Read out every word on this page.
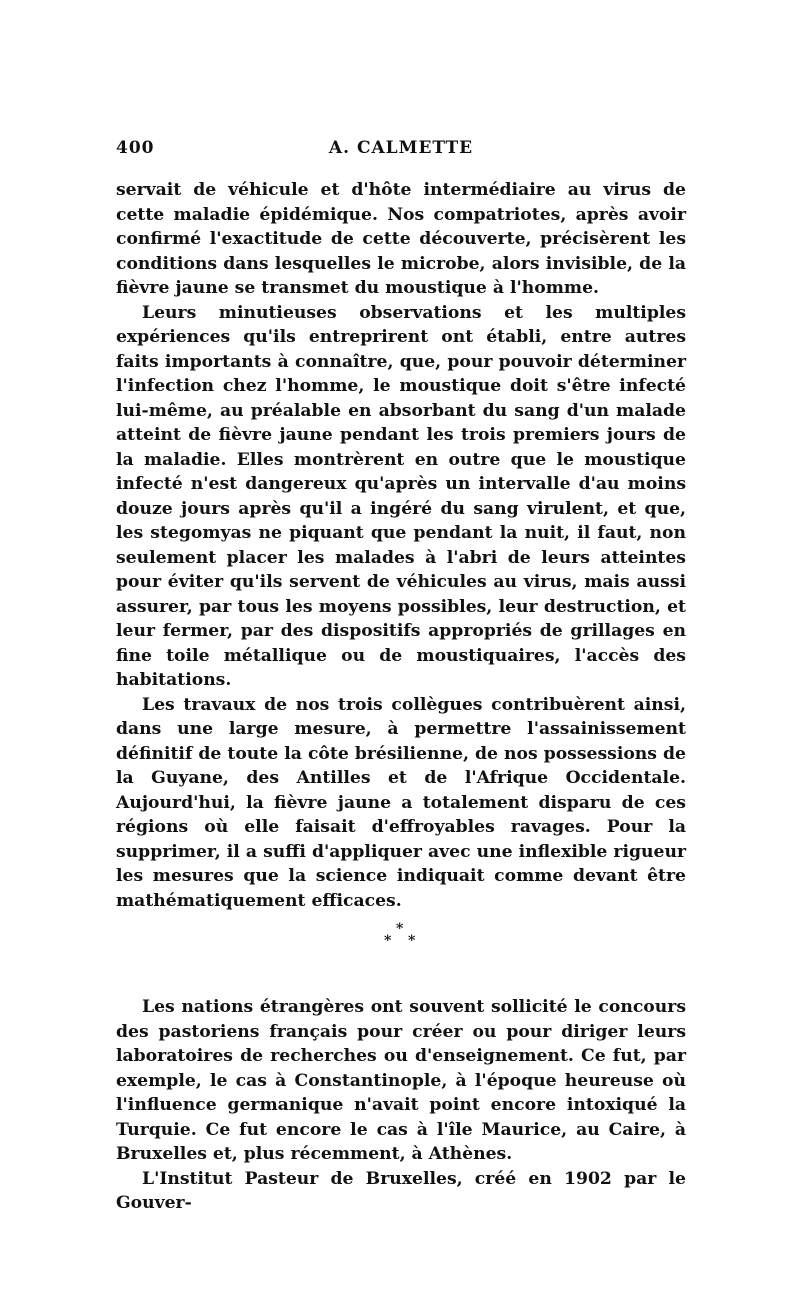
400	A. CALMETTE

servait de véhicule et d'hôte intermédiaire au virus de cette maladie épidémique. Nos compatriotes, après avoir confirmé l'exactitude de cette découverte, précisèrent les conditions dans lesquelles le microbe, alors invisible, de la fièvre jaune se transmet du moustique à l'homme.

Leurs minutieuses observations et les multiples expériences qu'ils entreprirent ont établi, entre autres faits importants à connaître, que, pour pouvoir déterminer l'infection chez l'homme, le moustique doit s'être infecté lui-même, au préalable en absorbant du sang d'un malade atteint de fièvre jaune pendant les trois premiers jours de la maladie. Elles montrèrent en outre que le moustique infecté n'est dangereux qu'après un intervalle d'au moins douze jours après qu'il a ingéré du sang virulent, et que, les stegomyas ne piquant que pendant la nuit, il faut, non seulement placer les malades à l'abri de leurs atteintes pour éviter qu'ils servent de véhicules au virus, mais aussi assurer, par tous les moyens possibles, leur destruction, et leur fermer, par des dispositifs appropriés de grillages en fine toile métallique ou de moustiquaires, l'accès des habitations.

Les travaux de nos trois collègues contribuèrent ainsi, dans une large mesure, à permettre l'assainissement définitif de toute la côte brésilienne, de nos possessions de la Guyane, des Antilles et de l'Afrique Occidentale. Aujourd'hui, la fièvre jaune a totalement disparu de ces régions où elle faisait d'effroyables ravages. Pour la supprimer, il a suffi d'appliquer avec une inflexible rigueur les mesures que la science indiquait comme devant être mathématiquement efficaces.

*
* *

Les nations étrangères ont souvent sollicité le concours des pastoriens français pour créer ou pour diriger leurs laboratoires de recherches ou d'enseignement. Ce fut, par exemple, le cas à Constantinople, à l'époque heureuse où l'influence germanique n'avait point encore intoxiqué la Turquie. Ce fut encore le cas à l'île Maurice, au Caire, à Bruxelles et, plus récemment, à Athènes.

L'Institut Pasteur de Bruxelles, créé en 1902 par le Gouver-
